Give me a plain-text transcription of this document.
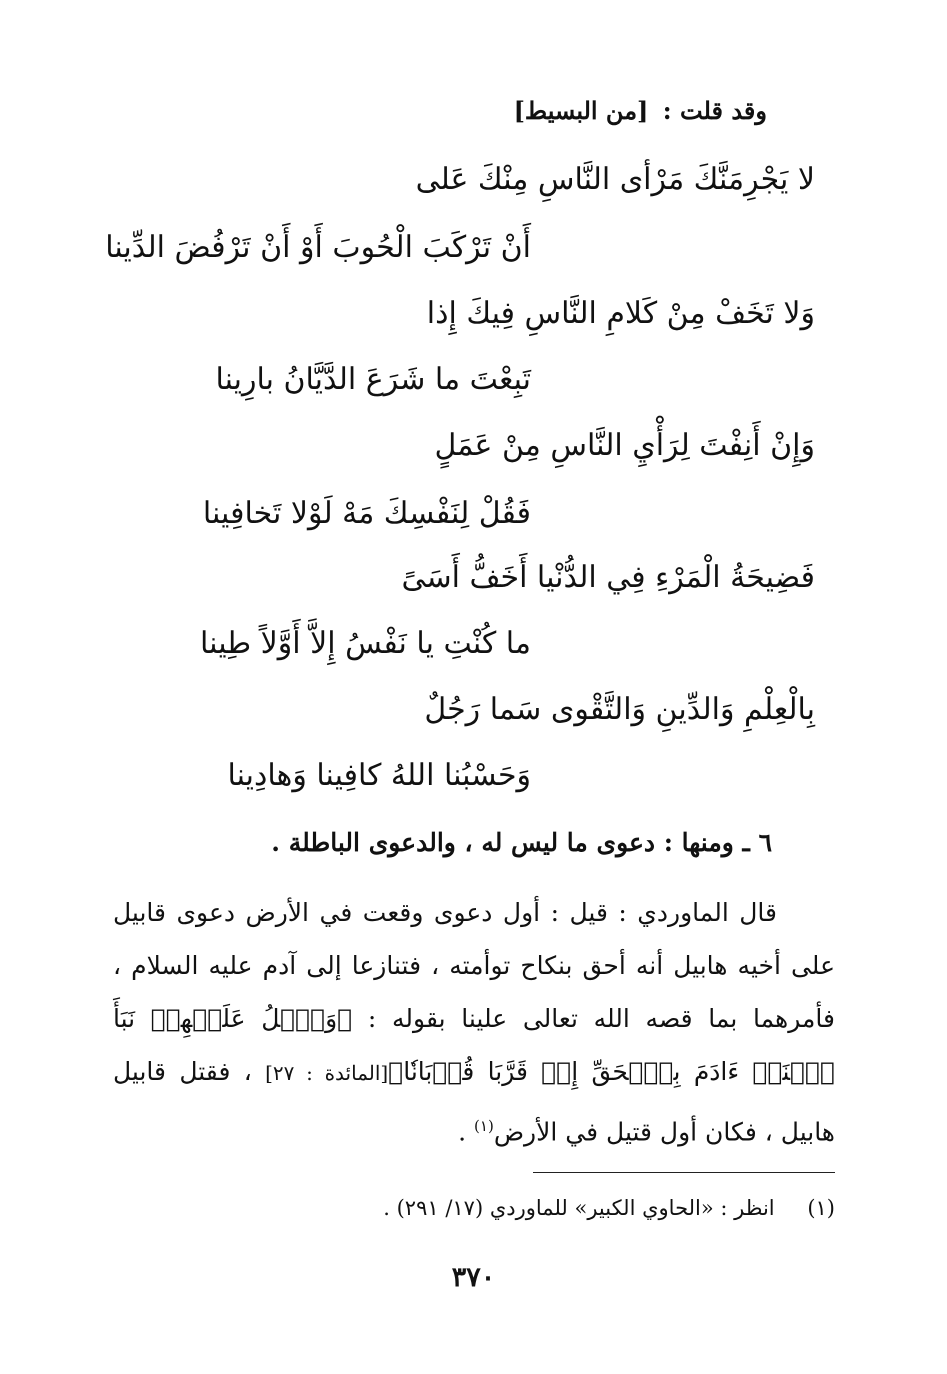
وقد قلت : [من البسيط]
لا يَجْرِمَنَّكَ مَرْأى النَّاسِ مِنْكَ عَلى
أَنْ تَرْكَبَ الْحُوبَ أَوْ أَنْ تَرْفُضَ الدِّينا
وَلا تَخَفْ مِنْ كَلامِ النَّاسِ فِيكَ إِذا
تَبِعْتَ ما شَرَعَ الدَّيَّانُ بارِينا
وَإِنْ أَنِفْتَ لِرَأْيِ النَّاسِ مِنْ عَمَلٍ
فَقُلْ لِنَفْسِكَ مَهْ لَوْلا تَخافِينا
فَضِيحَةُ الْمَرْءِ فِي الدُّنْيا أَخَفُّ أَسَىً
ما كُنْتِ يا نَفْسُ إِلاَّ أَوَّلاً طِينا
بِالْعِلْمِ وَالدِّينِ وَالتَّقْوى سَما رَجُلٌ
وَحَسْبُنا اللهُ كافِينا وَهادِينا
٦ ـ ومنها : دعوى ما ليس له ، والدعوى الباطلة .

قال الماوردي : قيل : أول دعوى وقعت في الأرض دعوى قابيل على أخيه هابيل أنه أحق بنكاح توأمته ، فتنازعا إلى آدم عليه السلام ، فأمرهما بما قصه الله تعالى علينا بقوله : ﴿وَٱتۡلُ عَلَيۡهِمۡ نَبَأَ ٱبۡنَيۡ ءَادَمَ بِٱلۡحَقِّ إِذۡ قَرَّبَا قُرۡبَانٗا﴾[المائدة : ٢٧] ، فقتل قابيل هابيل ، فكان أول قتيل في الأرض$^{(١)}$ .

(١) انظر : «الحاوي الكبير» للماوردي (١٧/ ٢٩١) .
٣٧٠
